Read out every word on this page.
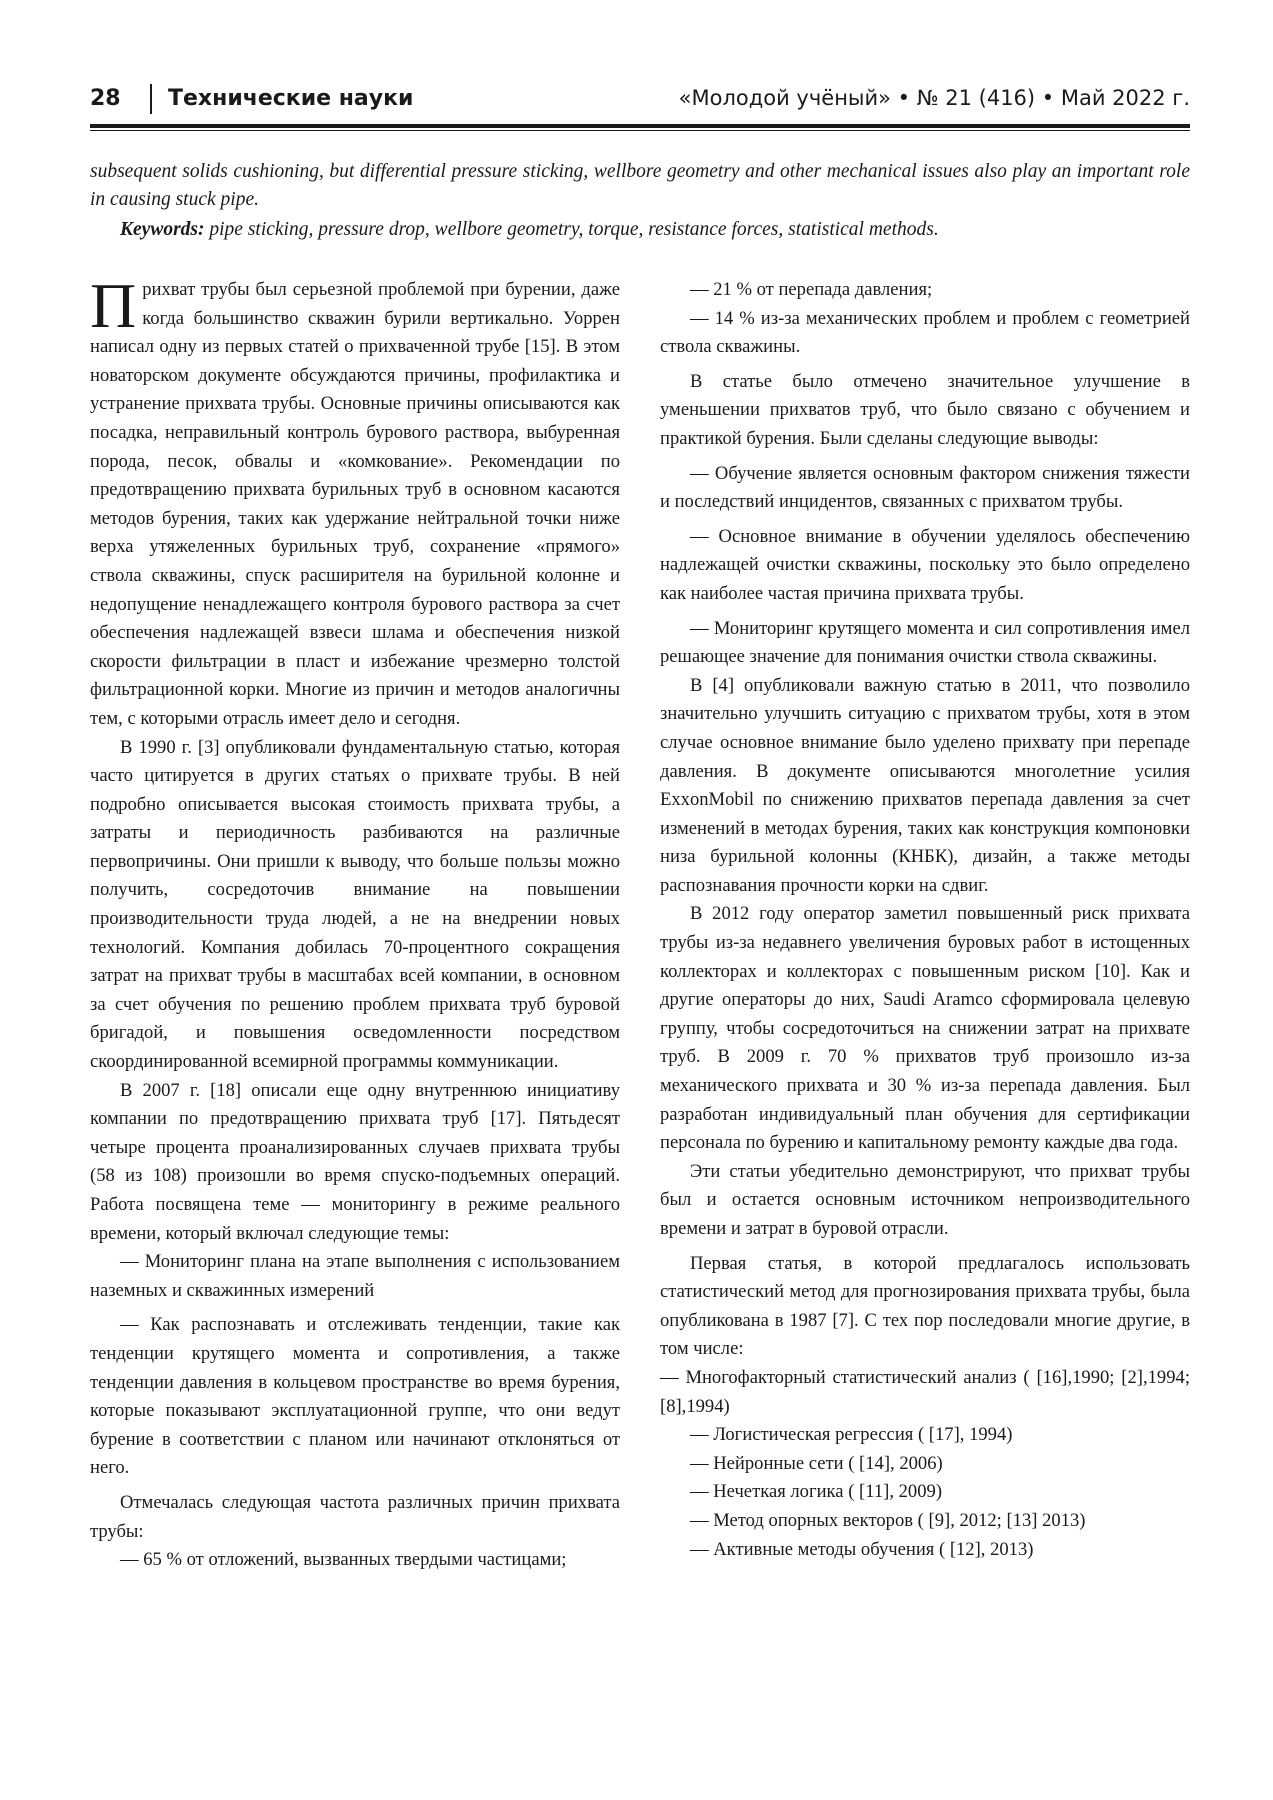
28 Технические науки	«Молодой учёный» • № 21 (416) • Май 2022 г.

subsequent solids cushioning, but differential pressure sticking, wellbore geometry and other mechanical issues also play an important role in causing stuck pipe.

Keywords: pipe sticking, pressure drop, wellbore geometry, torque, resistance forces, statistical methods.

Прихват трубы был серьезной проблемой при бурении, даже когда большинство скважин бурили вертикально. Уоррен написал одну из первых статей о прихваченной трубе [15]. В этом новаторском документе обсуждаются причины, профилактика и устранение прихвата трубы. Основные причины описываются как посадка, неправильный контроль бурового раствора, выбуренная порода, песок, обвалы и «комкование». Рекомендации по предотвращению прихвата бурильных труб в основном касаются методов бурения, таких как удержание нейтральной точки ниже верха утяжеленных бурильных труб, сохранение «прямого» ствола скважины, спуск расширителя на бурильной колонне и недопущение ненадлежащего контроля бурового раствора за счет обеспечения надлежащей взвеси шлама и обеспечения низкой скорости фильтрации в пласт и избежание чрезмерно толстой фильтрационной корки. Многие из причин и методов аналогичны тем, с которыми отрасль имеет дело и сегодня.

В 1990 г. [3] опубликовали фундаментальную статью, которая часто цитируется в других статьях о прихвате трубы. В ней подробно описывается высокая стоимость прихвата трубы, а затраты и периодичность разбиваются на различные первопричины. Они пришли к выводу, что больше пользы можно получить, сосредоточив внимание на повышении производительности труда людей, а не на внедрении новых технологий. Компания добилась 70-процентного сокращения затрат на прихват трубы в масштабах всей компании, в основном за счет обучения по решению проблем прихвата труб буровой бригадой, и повышения осведомленности посредством скоординированной всемирной программы коммуникации.

В 2007 г. [18] описали еще одну внутреннюю инициативу компании по предотвращению прихвата труб [17]. Пятьдесят четыре процента проанализированных случаев прихвата трубы (58 из 108) произошли во время спуско-подъемных операций. Работа посвящена теме — мониторингу в режиме реального времени, который включал следующие темы:

— Мониторинг плана на этапе выполнения с использованием наземных и скважинных измерений

— Как распознавать и отслеживать тенденции, такие как тенденции крутящего момента и сопротивления, а также тенденции давления в кольцевом пространстве во время бурения, которые показывают эксплуатационной группе, что они ведут бурение в соответствии с планом или начинают отклоняться от него.

Отмечалась следующая частота различных причин прихвата трубы:

— 65 % от отложений, вызванных твердыми частицами;

— 21 % от перепада давления;

— 14 % из-за механических проблем и проблем с геометрией ствола скважины.

В статье было отмечено значительное улучшение в уменьшении прихватов труб, что было связано с обучением и практикой бурения. Были сделаны следующие выводы:

— Обучение является основным фактором снижения тяжести и последствий инцидентов, связанных с прихватом трубы.

— Основное внимание в обучении уделялось обеспечению надлежащей очистки скважины, поскольку это было определено как наиболее частая причина прихвата трубы.

— Мониторинг крутящего момента и сил сопротивления имел решающее значение для понимания очистки ствола скважины.

В [4] опубликовали важную статью в 2011, что позволило значительно улучшить ситуацию с прихватом трубы, хотя в этом случае основное внимание было уделено прихвату при перепаде давления. В документе описываются многолетние усилия ExxonMobil по снижению прихватов перепада давления за счет изменений в методах бурения, таких как конструкция компоновки низа бурильной колонны (КНБК), дизайн, а также методы распознавания прочности корки на сдвиг.

В 2012 году оператор заметил повышенный риск прихвата трубы из-за недавнего увеличения буровых работ в истощенных коллекторах и коллекторах с повышенным риском [10]. Как и другие операторы до них, Saudi Aramco сформировала целевую группу, чтобы сосредоточиться на снижении затрат на прихвате труб. В 2009 г. 70 % прихватов труб произошло из-за механического прихвата и 30 % из-за перепада давления. Был разработан индивидуальный план обучения для сертификации персонала по бурению и капитальному ремонту каждые два года.

Эти статьи убедительно демонстрируют, что прихват трубы был и остается основным источником непроизводительного времени и затрат в буровой отрасли.

Первая статья, в которой предлагалось использовать статистический метод для прогнозирования прихвата трубы, была опубликована в 1987 [7]. С тех пор последовали многие другие, в том числе:

— Многофакторный статистический анализ ( [16],1990; [2],1994; [8],1994)

— Логистическая регрессия ( [17], 1994)

— Нейронные сети ( [14], 2006)

— Нечеткая логика ( [11], 2009)

— Метод опорных векторов ( [9], 2012; [13] 2013)

— Активные методы обучения ( [12], 2013)
